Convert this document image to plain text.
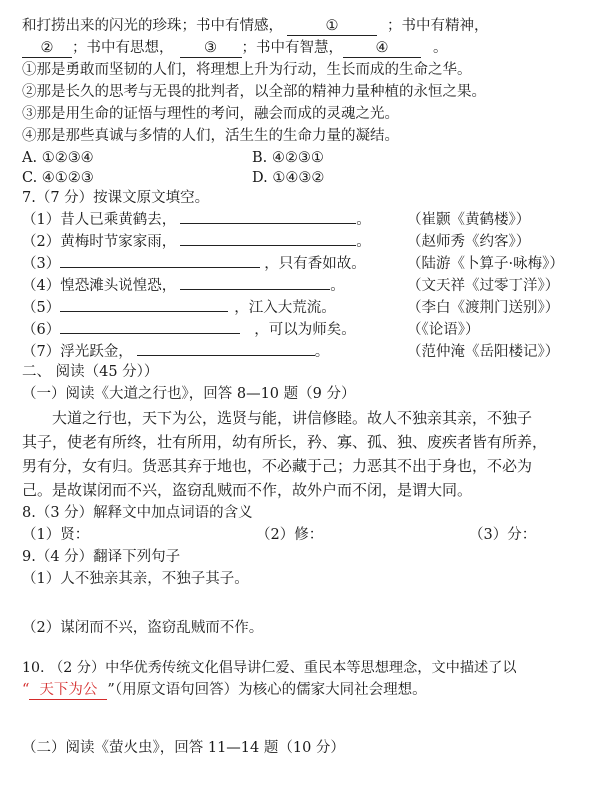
和打捞出来的闪光的珍珠；书中有情感，	①	；书中有精神，
② ；书中有思想， ③ ；书中有智慧， ④	。
①那是勇敢而坚韧的人们，将理想上升为行动，生长而成的生命之华。
②那是长久的思考与无畏的批判者，以全部的精神力量种植的永恒之果。
③那是用生命的证悟与理性的考问，融会而成的灵魂之光。
④那是那些真诚与多情的人们，活生生的生命力量的凝结。
A. ①②③④	B. ④②③①
C. ④①②③	D. ①④③②
7.（7 分）按课文原文填空。
（1）昔人已乘黄鹤去，	。	（崔颢《黄鹤楼》）
（2）黄梅时节家家雨，	。	（赵师秀《约客》）
（3）	，只有香如故。	（陆游《卜算子·咏梅》）
（4）惶恐滩头说惶恐，	。	（文天祥《过零丁洋》）
（5）	，江入大荒流。	（李白《渡荆门送别》）
（6）	，可以为师矣。	（《论语》）
（7）浮光跃金，	。	（范仲淹《岳阳楼记》）
二、 阅读（45 分））
（一）阅读《大道之行也》，回答 8—10 题（9 分）
大道之行也，天下为公，选贤与能，讲信修睦。故人不独亲其亲，不独子
其子，使老有所终，壮有所用，幼有所长，矜、寡、孤、独、废疾者皆有所养，
男有分，女有归。货恶其弃于地也，不必藏于己；力恶其不出于身也，不必为
己。是故谋闭而不兴，盗窃乱贼而不作，故外户而不闭，是谓大同。
8.（3 分）解释文中加点词语的含义
（1）贤：	（2）修：	（3）分：
9.（4 分）翻译下列句子
（1）人不独亲其亲，不独子其子。
（2）谋闭而不兴，盗窃乱贼而不作。
10. （2 分）中华优秀传统文化倡导讲仁爱、重民本等思想理念，文中描述了以
“ 天下为公 ”（用原文语句回答）为核心的儒家大同社会理想。
（二）阅读《萤火虫》，回答 11—14 题（10 分）
